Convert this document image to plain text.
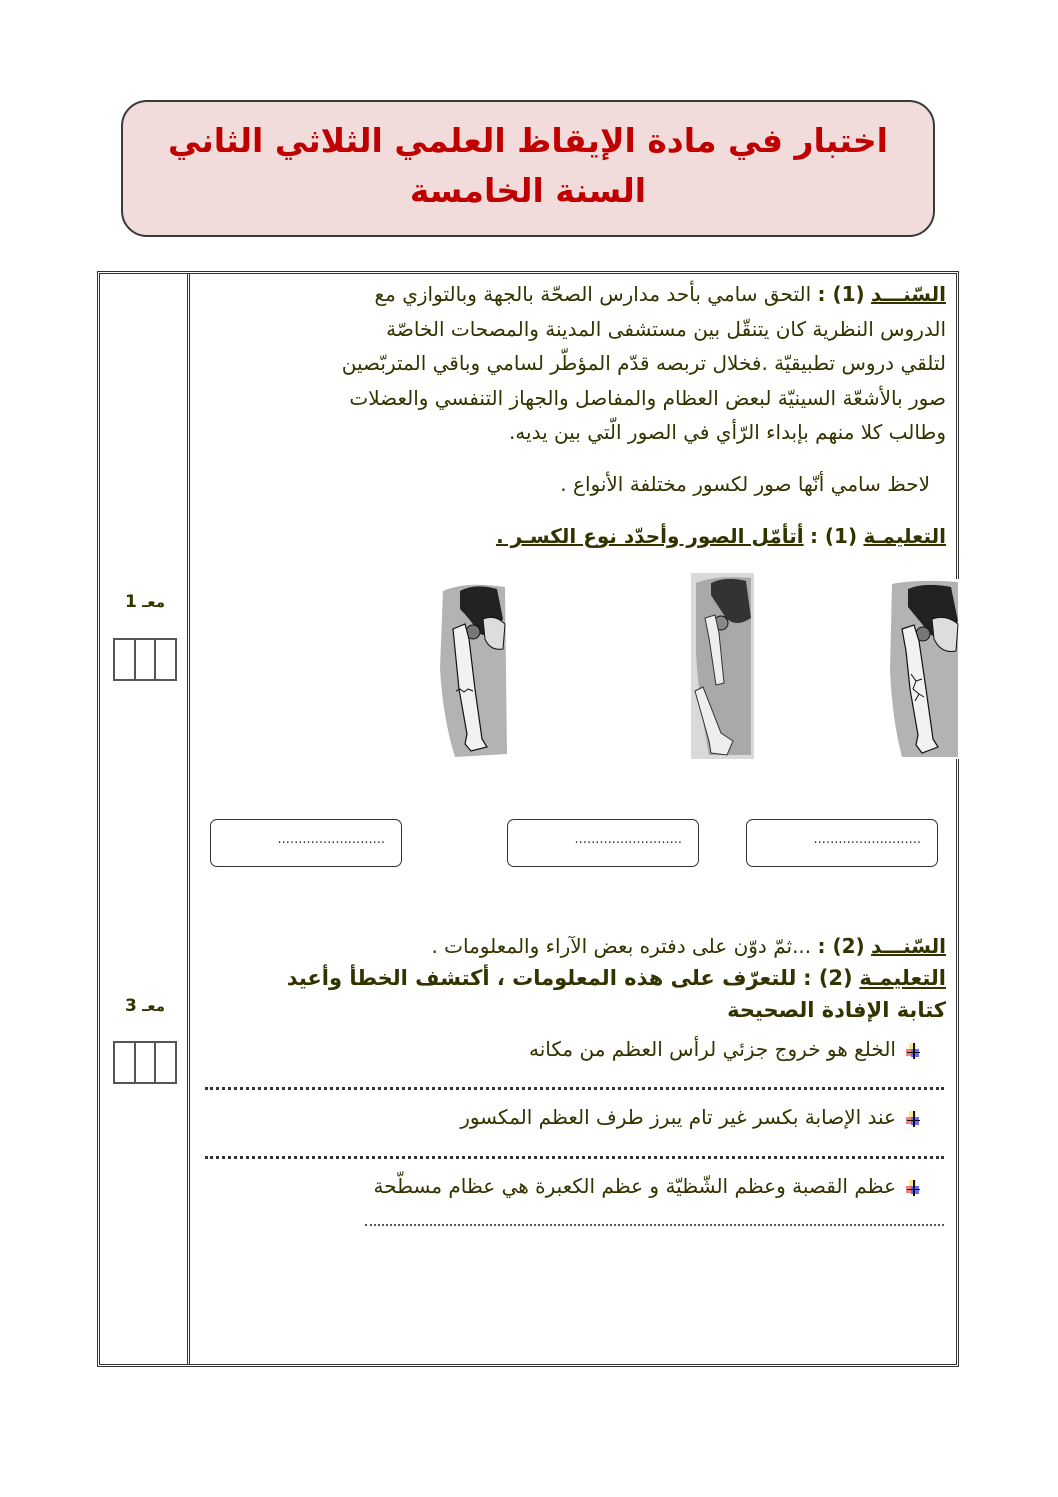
اختبار في مادة الإيقاظ العلمي الثلاثي الثاني
السنة الخامسة
معـ 1
معـ 3
السّنـــد (1) : التحق سامي بأحد مدارس الصحّة بالجهة وبالتوازي مع
الدروس النظرية كان يتنقّل بين مستشفى المدينة والمصحات الخاصّة
لتلقي دروس تطبيقيّة .فخلال تربصه قدّم المؤطّر لسامي وباقي المتربّصين
صور بالأشعّة السينيّة لبعض العظام والمفاصل والجهاز التنفسي والعضلات
وطالب كلا منهم بإبداء الرّأي في الصور الّتي بين يديه.
لاحظ سامي أنّها صور لكسور مختلفة الأنواع .
التعليمـة (1) : أتأمّل الصور وأحدّد نوع الكسـر .
..........................	..........................	..........................
السّنـــد (2) : ...ثمّ دوّن على دفتره بعض الآراء والمعلومات .
التعليمـة (2) : للتعرّف على هذه المعلومات ، أكتشف الخطأ وأعيد
كتابة الإفادة الصحيحة
الخلع هو خروج جزئي لرأس العظم من مكانه
عند الإصابة بكسر غير تام يبرز طرف العظم المكسور
عظم القصبة وعظم الشّظيّة و عظم الكعبرة هي عظام مسطّحة
